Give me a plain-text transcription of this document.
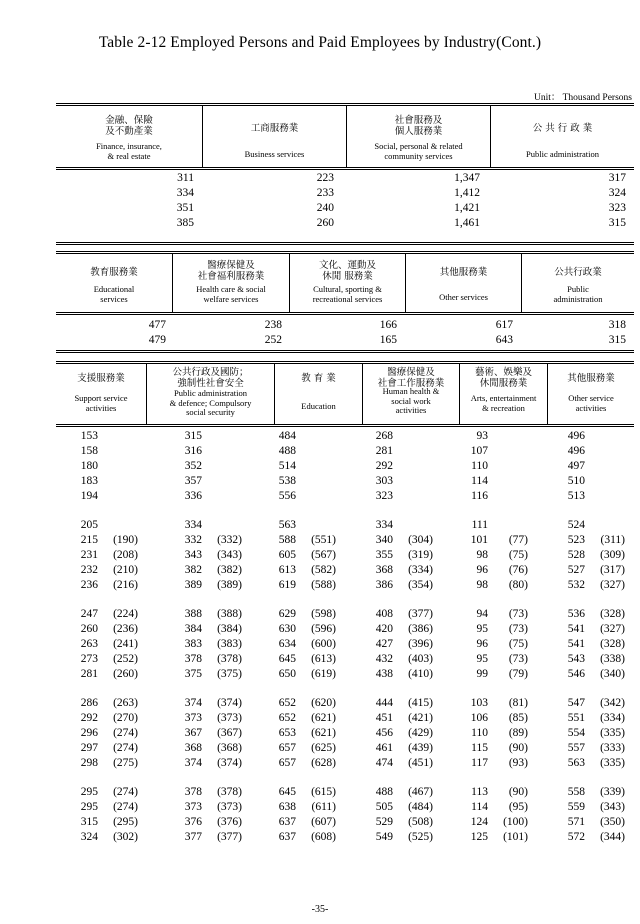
Table 2-12 Employed Persons and Paid Employees by Industry(Cont.)
Unit： Thousand Persons
金融、保險
及不動產業
Finance, insurance,
& real estate
工商服務業
Business services
社會服務及
個人服務業
Social, personal & related
community services
公 共 行 政 業
Public administration
311	223	1,347	317
334	233	1,412	324
351	240	1,421	323
385	260	1,461	315
教育服務業
Educational
services
醫療保健及
社會福利服務業
Health care & social
welfare services
文化、運動及
休閒 服務業
Cultural, sporting &
recreational services
其他服務業
Other services
公共行政業
Public
administration
477	238	166	617	318
479	252	165	643	315
支援服務業
Support service
activities
公共行政及國防；
強制性社會安全
Public administration
& defence; Compulsory
social security
教 育 業
Education
醫療保健及
社會工作服務業
Human health &
social work
activities
藝術、娛樂及
休閒服務業
Arts, entertainment
& recreation
其他服務業
Other service
activities
153	315	484	268	93	496
158	316	488	281	107	496
180	352	514	292	110	497
183	357	538	303	114	510
194	336	556	323	116	513
205	334	563	334	111	524
215 (190)	332 (332)	588 (551)	340 (304)	101 (77)	523 (311)
231 (208)	343 (343)	605 (567)	355 (319)	98 (75)	528 (309)
232 (210)	382 (382)	613 (582)	368 (334)	96 (76)	527 (317)
236 (216)	389 (389)	619 (588)	386 (354)	98 (80)	532 (327)
247 (224)	388 (388)	629 (598)	408 (377)	94 (73)	536 (328)
260 (236)	384 (384)	630 (596)	420 (386)	95 (73)	541 (327)
263 (241)	383 (383)	634 (600)	427 (396)	96 (75)	541 (328)
273 (252)	378 (378)	645 (613)	432 (403)	95 (73)	543 (338)
281 (260)	375 (375)	650 (619)	438 (410)	99 (79)	546 (340)
286 (263)	374 (374)	652 (620)	444 (415)	103 (81)	547 (342)
292 (270)	373 (373)	652 (621)	451 (421)	106 (85)	551 (334)
296 (274)	367 (367)	653 (621)	456 (429)	110 (89)	554 (335)
297 (274)	368 (368)	657 (625)	461 (439)	115 (90)	557 (333)
298 (275)	374 (374)	657 (628)	474 (451)	117 (93)	563 (335)
295 (274)	378 (378)	645 (615)	488 (467)	113 (90)	558 (339)
295 (274)	373 (373)	638 (611)	505 (484)	114 (95)	559 (343)
315 (295)	376 (376)	637 (607)	529 (508)	124 (100)	571 (350)
324 (302)	377 (377)	637 (608)	549 (525)	125 (101)	572 (344)
-35-
